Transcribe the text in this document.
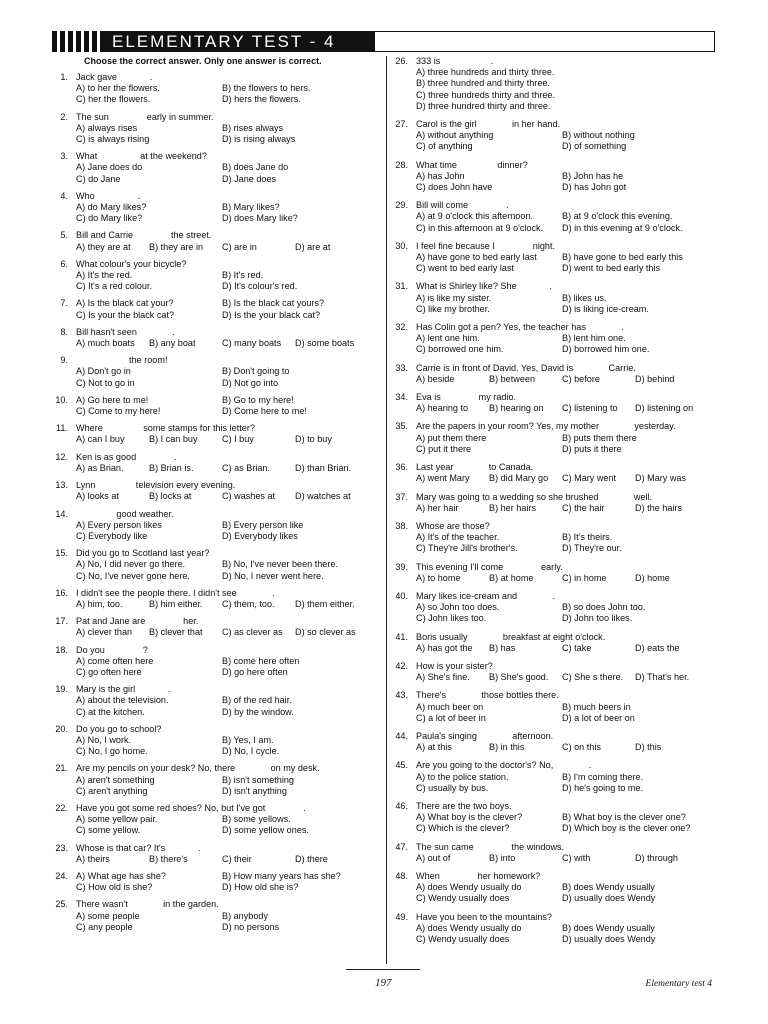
ELEMENTARY TEST - 4
Choose the correct answer. Only one answer is correct.
1. Jack gave             .
A) to her the flowers.	B) the flowers to hers.
C) her the flowers.	D) hers the flowers.
2. The sun               early in summer.
A) always rises	B) rises always
C) is always rising	D) is rising always
3. What                 at the weekend?
A) Jane does do	B) does Jane do
C) do Jane	D) Jane does
4. Who                 .
A) do Mary likes?	B) Mary likes?
C) do Mary like?	D) does Mary like?
5. Bill and Carrie               the street.
A) they are at	B) they are in	C) are in	D) are at
6. What colour's your bicycle?
A) It's the red.	B) It's red.
C) It's a red colour.	D) It's colour's red.
7. A) Is the black cat your?	B) Is the black cat yours?
C) Is your the black cat?	D) Is the your black cat?
8. Bill hasn't seen              .
A) much boats	B) any boat	C) many boats	D) some boats
9. the room!
A) Don't go in	B) Don't going to
C) Not to go in	D) Not go into
10. A) Go here to me!	B) Go to my here!
C) Come to my here!	D) Come here to me!
11. Where                some stamps for this letter?
A) can I buy	B) I can buy	C) I buy	D) to buy
12. Ken is as good               .
A) as Brian.	B) Brian is.	C) as Brian.	D) than Brian.
13. Lynn                television every evening.
A) looks at	B) locks at	C) washes at	D) watches at
14. good weather.
A) Every person likes	B) Every person like
C) Everybody like	D) Everybody likes
15. Did you go to Scotland last year?
A) No, I did never go there.	B) No, I've never been there.
C) No, I've never gone here.	D) No, I never went here.
16. I didn't see the people there. I didn't see              .
A) him, too.	B) him either.	C) them, too.	D) them either.
17. Pat and Jane are               her.
A) clever than	B) clever that	C) as clever as	D) so clever as
18. Do you               ?
A) come often here	B) come here often
C) go often here	D) go here often
19. Mary is the girl             .
A) about the television.	B) of the red hair.
C) at the kitchen.	D) by the window.
20. Do you go to school?
A) No, I work.	B) Yes, I am.
C) No, I go home.	D) No, I cycle.
21. Are my pencils on your desk? No, there              on my desk.
A) aren't something	B) isn't something
C) aren't anything	D) isn't anything
22. Have you got some red shoes? No, but I've got               .
A) some yellow pair.	B) some yellows.
C) some yellow.	D) some yellow ones.
23. Whose is that car? It's             .
A) theirs	B) there's	C) their	D) there
24. A) What age has she?	B) How many years has she?
C) How old is she?	D) How old she is?
25. There wasn't              in the garden.
A) some people	B) anybody
C) any people	D) no persons
26. 333 is                    .
A) three hundreds and thirty three.
B) three hundred and thirty three.
C) three hundreds thirty and three.
D) three hundred thirty and three.
27. Carol is the girl              in her hand.
A) without anything	B) without nothing
C) of anything	D) of something
28. What time                dinner?
A) has John	B) John has he
C) does John have	D) has John got
29. Bill will come               .
A) at 9 o'clock this afternoon.	B) at 9 o'clock this evening.
C) in this afternoon at 9 o'clock.	D) in this evening at 9 o'clock.
30. I feel fine because I               night.
A) have gone to bed early last	B) have gone to bed early this
C) went to bed early last	D) went to bed early this
31. What is Shirley like? She             .
A) is like my sister.	B) likes us.
C) like my brother.	D) is liking ice-cream.
32. Has Colin got a pen? Yes, the teacher has              .
A) lent one him.	B) lent him one.
C) borrowed one him.	D) borrowed him one.
33. Carrie is in front of David. Yes, David is              Carrie.
A) beside	B) between	C) before	D) behind
34. Eva is               my radio.
A) hearing to	B) hearing on	C) listening to	D) listening on
35. Are the papers in your room? Yes, my mother              yesterday.
A) put them there	B) puts them there
C) put it there	D) puts it there
36. Last year              to Canada.
A) went Mary	B) did Mary go	C) Mary went	D) Mary was
37. Mary was going to a wedding so she brushed              well.
A) her hair	B) her hairs	C) the hair	D) the hairs
38. Whose are those?
A) It's of the teacher.	B) It's theirs.
C) They're Jill's brother's.	D) They're our.
39. This evening I'll come               early.
A) to home	B) at home	C) in home	D) home
40. Mary likes ice-cream and              .
A) so John too does.	B) so does John too.
C) John likes too.	D) John too likes.
41. Boris usually              breakfast at eight o'clock.
A) has got the	B) has	C) take	D) eats the
42. How is your sister?
A) She's fine.	B) She's good.	C) She s there.	D) That's her.
43. There's              those bottles there.
A) much beer on	B) much beers in
C) a lot of beer in	D) a lot of beer on
44. Paula's singing              afternoon.
A) at this	B) in this	C) on this	D) this
45. Are you going to the doctor's? No,              .
A) to the police station.	B) I'm coming there.
C) usually by bus.	D) he's going to me.
46. There are the two boys.
A) What boy is the clever?	B) What boy is the clever one?
C) Which is the clever?	D) Which boy is the clever one?
47. The sun came               the windows.
A) out of	B) into	C) with	D) through
48. When               her homework?
A) does Wendy usually do	B) does Wendy usually
C) Wendy usually does	D) usually does Wendy
49. Have you been to the mountains?
A) does Wendy usually do	B) does Wendy usually
C) Wendy usually does	D) usually does Wendy
197	Elementary test 4
